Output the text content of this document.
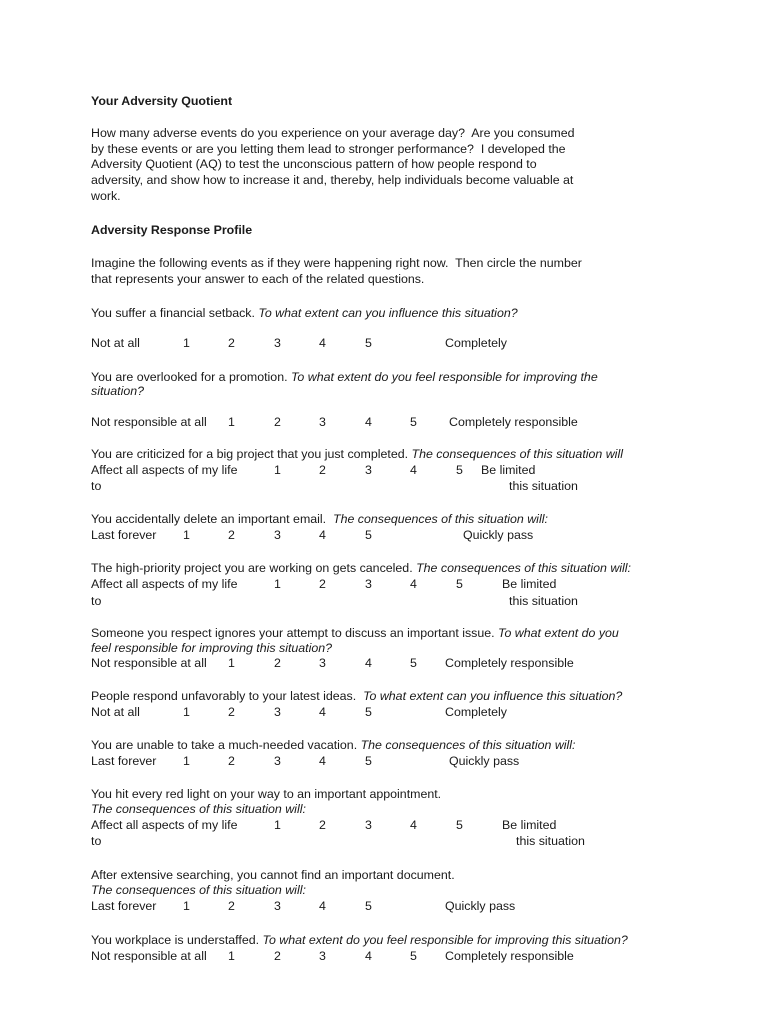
Your Adversity Quotient
How many adverse events do you experience on your average day?  Are you consumed
by these events or are you letting them lead to stronger performance?  I developed the
Adversity Quotient (AQ) to test the unconscious pattern of how people respond to
adversity, and show how to increase it and, thereby, help individuals become valuable at
work.
Adversity Response Profile
Imagine the following events as if they were happening right now.  Then circle the number
that represents your answer to each of the related questions.
You suffer a financial setback. To what extent can you influence this situation?
Not at all	1	2	3	4	5	Completely
You are overlooked for a promotion. To what extent do you feel responsible for improving the
situation?
Not responsible at all 1	2	3	4	5	Completely responsible
You are criticized for a big project that you just completed. The consequences of this situation will
Affect all aspects of my life	1	2	3	4	5 Be limited
to	this situation
You accidentally delete an important email.  The consequences of this situation will:
Last forever 1	2	3	4	5	Quickly pass
The high-priority project you are working on gets canceled. The consequences of this situation will:
Affect all aspects of my life	1	2	3	4	5	Be limited
to	this situation
Someone you respect ignores your attempt to discuss an important issue. To what extent do you
feel responsible for improving this situation?
Not responsible at all 1	2	3	4	5 Completely responsible
People respond unfavorably to your latest ideas.  To what extent can you influence this situation?
Not at all	1	2	3	4	5	Completely
You are unable to take a much-needed vacation. The consequences of this situation will:
Last forever 1	2	3	4	5	Quickly pass
You hit every red light on your way to an important appointment.
The consequences of this situation will:
Affect all aspects of my life	1	2	3	4	5	Be limited
to	this situation
After extensive searching, you cannot find an important document.
The consequences of this situation will:
Last forever 1	2	3	4	5	Quickly pass
You workplace is understaffed. To what extent do you feel responsible for improving this situation?
Not responsible at all 1	2	3	4	5 Completely responsible
